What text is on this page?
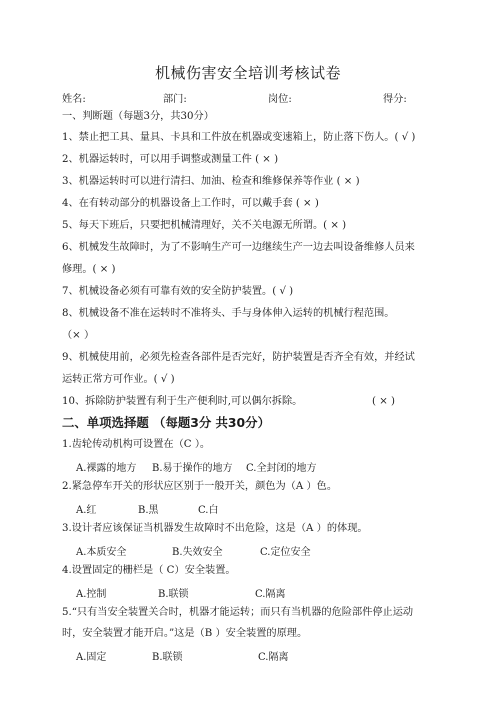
机械伤害安全培训考核试卷
姓名:	部门:	岗位:	得分:
一、判断题（每题3分，共30分）
1、禁止把工具、量具、卡具和工件放在机器或变速箱上，防止落下伤人。( √ )
2、机器运转时，可以用手调整或测量工件 ( × )
3、机器运转时可以进行清扫、加油、检查和维修保养等作业 ( × )
4、在有转动部分的机器设备上工作时，可以戴手套 ( × )
5、每天下班后，只要把机械清理好，关不关电源无所谓。( × )
6、机械发生故障时，为了不影响生产可一边继续生产一边去叫设备维修人员来
修理。( × )
7、机械设备必须有可靠有效的安全防护装置。( √ )
8、机械设备不准在运转时不准将头、手与身体伸入运转的机械行程范围。
（× ）
9、机械使用前，必须先检查各部件是否完好，防护装置是否齐全有效，并经试
运转正常方可作业。( √ )
10、拆除防护装置有利于生产便利时,可以偶尔拆除。	( × )
二、单项选择题 （每题3分 共30分）
1.齿轮传动机构可设置在（C ）。
A.裸露的地方 B.易于操作的地方 C.全封闭的地方
2.紧急停车开关的形状应区别于一般开关，颜色为（A ）色。
A.红	B.黑	C.白
3.设计者应该保证当机器发生故障时不出危险，这是（A ）的体现。
A.本质安全	B.失效安全	C.定位安全
4.设置固定的栅栏是（ C）安全装置。
A.控制	B.联锁	C.隔离
5.“只有当安全装置关合时，机器才能运转；而只有当机器的危险部件停止运动
时，安全装置才能开启。”这是（B ）安全装置的原理。
A.固定	B.联锁	C.隔离
